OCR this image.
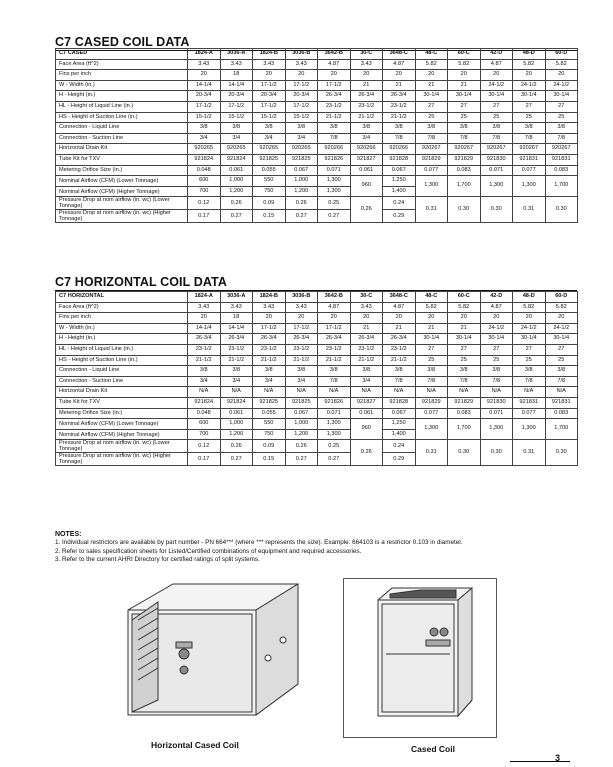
C7 CASED COIL DATA
C7 CASED	1824-A	3036-A	1824-B	3036-B	3642-B	30-C	3648-C	48-C	60-C	42-D	48-D	60-D
Face Area (ft^2)	3.43	3.43	3.43	3.43	4.87	3.43	4.87	5.82	5.82	4.87	5.82	5.82
Fins per inch	20	18	20	20	20	20	20	20	20	20	20	20
W - Width (in.)	14-1/4	14-1/4	17-1/2	17-1/2	17-1/2	21	21	21	21	24-1/2	24-1/2	24-1/2
H - Height (in.)	20-3/4	20-3/4	20-3/4	20-3/4	26-3/4	26-3/4	26-3/4	30-1/4	30-1/4	30-1/4	30-1/4	30-1/4
HL - Height of Liquid Line (in.)	17-1/2	17-1/2	17-1/2	17-1/2	23-1/2	23-1/2	23-1/2	27	27	27	27	27
HS - Height of Suction Line (in.)	15-1/2	15-1/2	15-1/2	15-1/2	21-1/2	21-1/2	21-1/2	25	25	25	25	25
Connection - Liquid Line	3/8	3/8	3/8	3/8	3/8	3/8	3/8	3/8	3/8	3/8	3/8	3/8
Connection - Suction Line	3/4	3/4	3/4	3/4	7/8	3/4	7/8	7/8	7/8	7/8	7/8	7/8
Horizontal Drain Kit	920265	920265	920265	920265	920266	920266	920266	920267	920267	920267	920267	920267
Tube Kit for TXV	921824	921824	921825	921825	921826	921827	921828	921829	921829	921830	921831	921831
Metering Orifice Size (in.)	0.048	0.061	0.055	0.067	0.071	0.061	0.067	0.077	0.083	0.071	0.077	0.083
Nominal Airflow (CFM) (Lower Tonnage)	600	1,000	550	1,000	1,300	960	1,250	1,300	1,700	1,300	1,300	1,700
Nominal Airflow (CFM) (Higher Tonnage)	700	1,200	750	1,200	1,300		1,400					
Pressure Drop at nom airflow (in. wc) (Lower Tonnage)	0.12	0.26	0.09	0.26	0.25	0.26	0.24	0.31	0.30	0.30	0.31	0.30
Pressure Drop at nom airflow (in. wc) (Higher Tonnage)	0.17	0.27	0.15	0.27	0.27		0.29					
C7 HORIZONTAL COIL DATA
C7 HORIZONTAL	1824-A	3036-A	1824-B	3036-B	3642-B	30-C	3648-C	48-C	60-C	42-D	48-D	60-D
Face Area (ft^2)	3.43	3.43	3.43	3.43	4.87	3.43	4.87	5.82	5.82	4.87	5.82	5.82
Fins per inch	20	18	20	20	20	20	20	20	20	20	20	20
W - Width (in.)	14-1/4	14-1/4	17-1/2	17-1/2	17-1/2	21	21	21	21	24-1/2	24-1/2	24-1/2
H - Height (in.)	26-3/4	26-3/4	26-3/4	26-3/4	26-3/4	26-3/4	26-3/4	30-1/4	30-1/4	30-1/4	30-1/4	30-1/4
HL - Height of Liquid Line (in.)	23-1/2	23-1/2	23-1/2	23-1/2	23-1/2	23-1/2	23-1/2	27	27	27	27	27
HS - Height of Suction Line (in.)	21-1/2	21-1/2	21-1/2	21-1/2	21-1/2	21-1/2	21-1/2	25	25	25	25	25
Connection - Liquid Line	3/8	3/8	3/8	3/8	3/8	3/8	3/8	3/8	3/8	3/8	3/8	3/8
Connection - Suction Line	3/4	3/4	3/4	3/4	7/8	3/4	7/8	7/8	7/8	7/8	7/8	7/8
Horizontal Drain Kit	N/A	N/A	N/A	N/A	N/A	N/A	N/A	N/A	N/A	N/A	N/A	N/A
Tube Kit for TXV	921824	921824	921825	921825	921826	921827	921828	921829	921829	921830	921831	921831
Metering Orifice Size (in.)	0.048	0.061	0.055	0.067	0.071	0.061	0.067	0.077	0.083	0.071	0.077	0.083
Nominal Airflow (CFM) (Lower Tonnage)	600	1,000	550	1,000	1,300	960	1,250	1,300	1,700	1,300	1,300	1,700
Nominal Airflow (CFM) (Higher Tonnage)	700	1,200	750	1,200	1,300		1,400					
Pressure Drop at nom airflow (in. wc) (Lower Tonnage)	0.12	0.26	0.09	0.26	0.25	0.26	0.24	0.31	0.30	0.30	0.31	0.30
Pressure Drop at nom airflow (in. wc) (Higher Tonnage)	0.17	0.27	0.15	0.27	0.27		0.29					
NOTES:
1. Individual restrictors are available by part number - PN 664*** (where *** represents the size). Example: 664103 is a restrictor 0.103 in diameter.
2. Refer to sales specification sheets for Listed/Certified combinations of equipment and required accessories.
3. Refer to the current AHRI Directory for certified ratings of split systems.
Horizontal Cased Coil	Cased Coil
3
